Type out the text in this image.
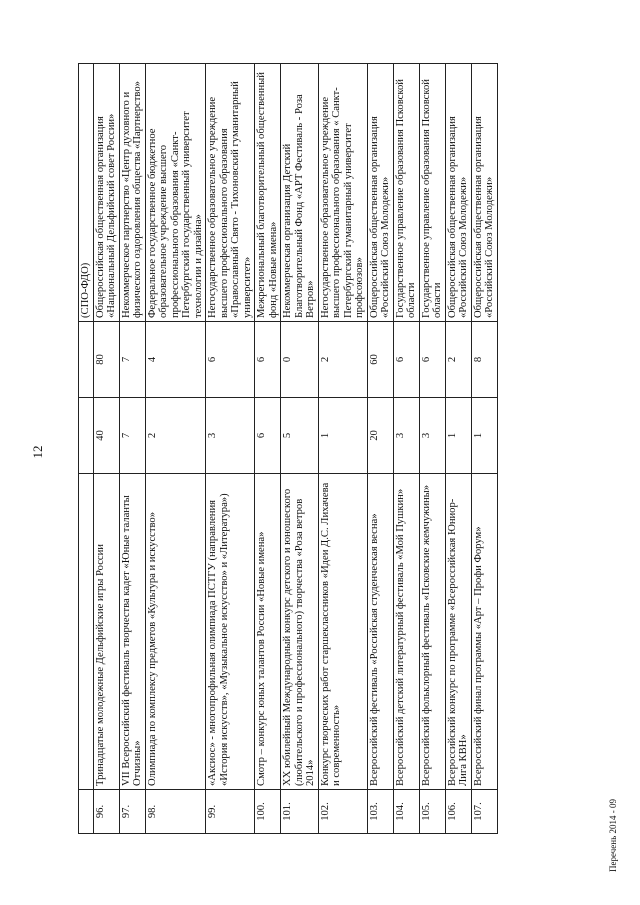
12
				(СПО-ФДО)
96.	Тринадцатые молодежные Дельфийские игры России	40	80	Общероссийская общественная организация «Национальный Дельфийский совет России»
97.	VII Всероссийский фестиваль творчества кадет «Юные таланты Отчизны»	7	7	Некоммерческое партнерство «Центр духовного и физического оздоровления общества «Партнерство»
98.	Олимпиада по комплексу предметов «Культура и искусство»	2	4	Федеральное государственное бюджетное образовательное учреждение высшего профессионального образования «Санкт-Петербургский государственный университет технологии и дизайна»
99.	«Аксиос» - многопрофильная олимпиада ПСТГУ (направления «История искусств», «Музыкальное искусство» и «Литература»)	3	6	Негосударственное образовательное учреждение высшего профессионального образования «Православный Свято - Тихоновский гуманитарный университет»
100.	Смотр – конкурс юных талантов России «Новые имена»	6	6	Межрегиональный благотворительный общественный фонд «Новые имена»
101.	XX юбилейный Международный конкурс детского и юношеского (любительского и профессионального) творчества «Роза ветров 2014»	5	0	Некоммерческая организация Детский Благотворительный Фонд «АРТ Фестиваль - Роза Ветров»
102.	Конкурс творческих работ старшеклассников «Идеи Д.С. Лихачева и современность»	1	2	Негосударственное образовательное учреждение высшего профессионального образования « Санкт-Петербургский гуманитарный университет профсоюзов»
103.	Всероссийский фестиваль «Российская студенческая весна»	20	60	Общероссийская общественная организация «Российский Союз Молодежи»
104.	Всероссийский детский литературный фестиваль «Мой Пушкин»	3	6	Государственное управление образования Псковской области
105.	Всероссийский фольклорный фестиваль «Псковские жемчужины»	3	6	Государственное управление образования Псковской области
106.	Всероссийский конкурс по программе «Всероссийская Юниор-Лига КВН»	1	2	Общероссийская общественная организация «Российский Союз Молодежи»
107.	Всероссийский финал программы «Арт – Профи Форум»	1	8	Общероссийская общественная организация «Российский Союз Молодежи»
Перечень 2014 - 09
